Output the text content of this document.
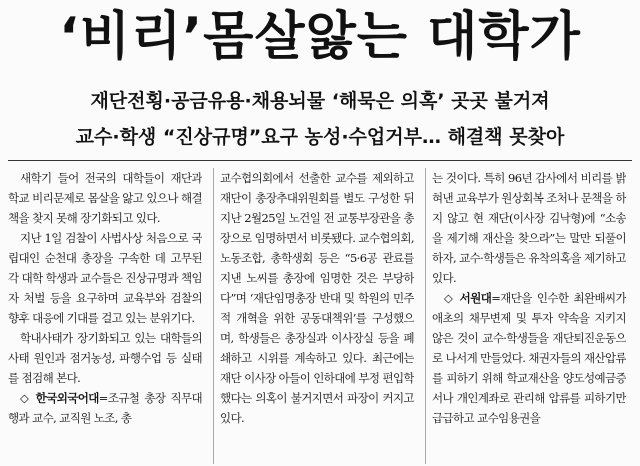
‘비리’몸살앓는 대학가
재단전횡·공금유용·채용뇌물 ‘해묵은 의혹’ 곳곳 불거져
교수·학생 “진상규명”요구 농성·수업거부… 해결책 못찾아

새학기 들어 전국의 대학들이 재단과 학교 비리문제로 몸살을 앓고 있으나 해결책을 찾지 못해 장기화되고 있다.

지난 1일 검찰이 사법사상 처음으로 국립대인 순천대 총장을 구속한 데 고무된 각 대학 학생과 교수들은 진상규명과 책임자 처벌 등을 요구하며 교육부와 검찰의 향후 대응에 기대를 걸고 있는 분위기다.

학내사태가 장기화되고 있는 대학들의 사태 원인과 점거농성, 파행수업 등 실태를 점검해 본다.

◇ 한국외국어대=조규철 총장 직무대행과 교수, 교직원 노조, 총

교수협의회에서 선출한 교수를 제외하고 재단이 총장추대위원회를 별도 구성한 뒤 지난 2월25일 노건일 전 교통부장관을 총장으로 임명하면서 비롯됐다. 교수협의회, 노동조합, 총학생회 등은 “5·6공 관료를 지낸 노씨를 총장에 임명한 것은 부당하다”며 ‘재단임명총장 반대 및 학원의 민주적 개혁을 위한 공동대책위’를 구성했으며, 학생들은 총장실과 이사장실 등을 폐쇄하고 시위를 계속하고 있다. 최근에는 재단 이사장 아들이 인하대에 부정 편입학했다는 의혹이 불거지면서 파장이 커지고 있다.

는 것이다. 특히 96년 감사에서 비리를 밝혀낸 교육부가 원상회복 조처나 문책을 하지 않고 현 재단(이사장 김낙형)에 “소송을 제기해 재산을 찾으라”는 말만 되풀이하자, 교수·학생들은 유착의혹을 제기하고 있다.

◇ 서원대=재단을 인수한 최완배씨가 애초의 채무변제 및 투자 약속을 지키지 않은 것이 교수·학생들을 재단퇴진운동으로 나서게 만들었다. 채권자들의 재산압류를 피하기 위해 학교재산을 양도성예금증서나 개인계좌로 관리해 압류를 피하기만 급급하고 교수임용권을
